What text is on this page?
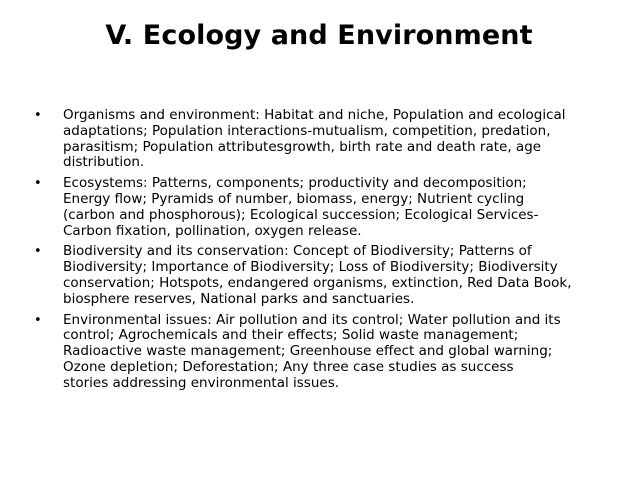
V. Ecology and Environment
•	Organisms and environment: Habitat and niche, Population and ecological
adaptations; Population interactions-mutualism, competition, predation,
parasitism; Population attributesgrowth, birth rate and death rate, age
distribution.
•	Ecosystems: Patterns, components; productivity and decomposition;
Energy flow; Pyramids of number, biomass, energy; Nutrient cycling
(carbon and phosphorous); Ecological succession; Ecological Services-
Carbon fixation, pollination, oxygen release.
•	Biodiversity and its conservation: Concept of Biodiversity; Patterns of
Biodiversity; Importance of Biodiversity; Loss of Biodiversity; Biodiversity
conservation; Hotspots, endangered organisms, extinction, Red Data Book,
biosphere reserves, National parks and sanctuaries.
•	Environmental issues: Air pollution and its control; Water pollution and its
control; Agrochemicals and their effects; Solid waste management;
Radioactive waste management; Greenhouse effect and global warning;
Ozone depletion; Deforestation; Any three case studies as success
stories addressing environmental issues.
